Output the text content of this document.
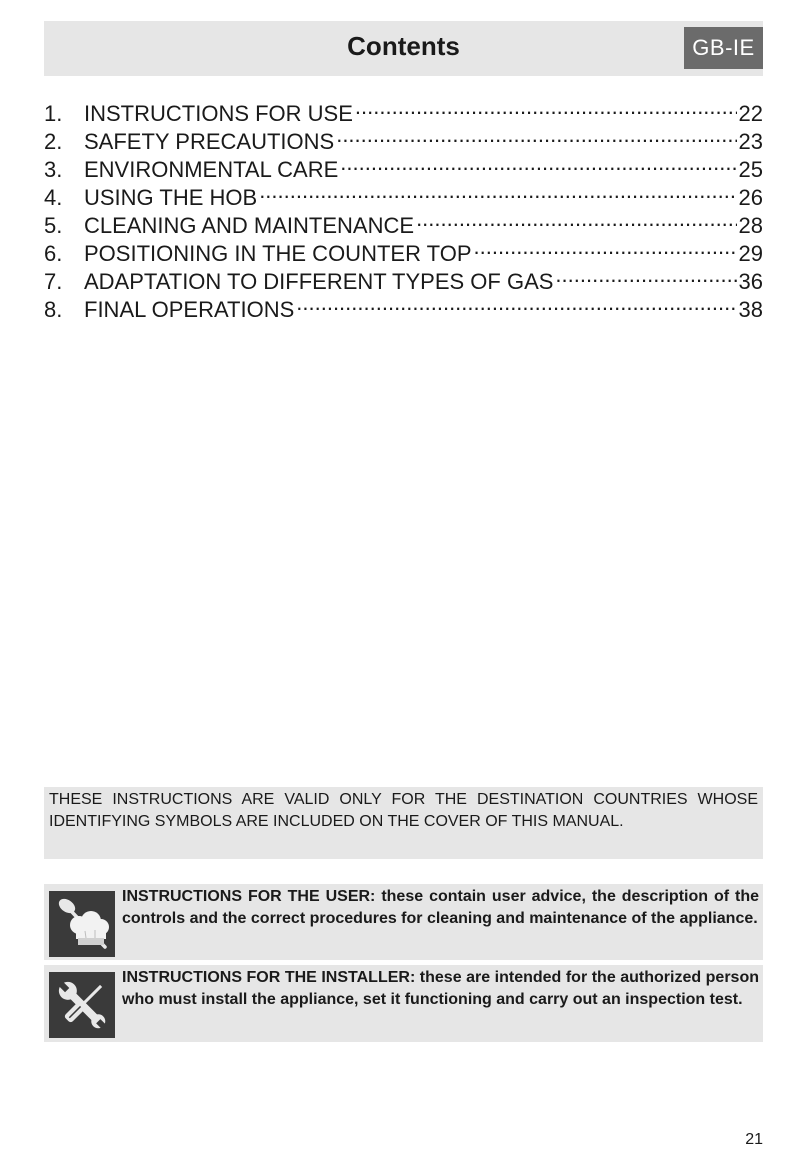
Contents	GB-IE
1. INSTRUCTIONS FOR USE .....	22
2. SAFETY PRECAUTIONS .....	23
3. ENVIRONMENTAL CARE .....	25
4. USING THE HOB .....	26
5. CLEANING AND MAINTENANCE .....	28
6. POSITIONING IN THE COUNTER TOP .....	29
7. ADAPTATION TO DIFFERENT TYPES OF GAS .....	36
8. FINAL OPERATIONS .....	38
THESE INSTRUCTIONS ARE VALID ONLY FOR THE DESTINATION COUNTRIES WHOSE IDENTIFYING SYMBOLS ARE INCLUDED ON THE COVER OF THIS MANUAL.
INSTRUCTIONS FOR THE USER: these contain user advice, the description of the controls and the correct procedures for cleaning and maintenance of the appliance.
INSTRUCTIONS FOR THE INSTALLER: these are intended for the authorized person who must install the appliance, set it functioning and carry out an inspection test.
21
